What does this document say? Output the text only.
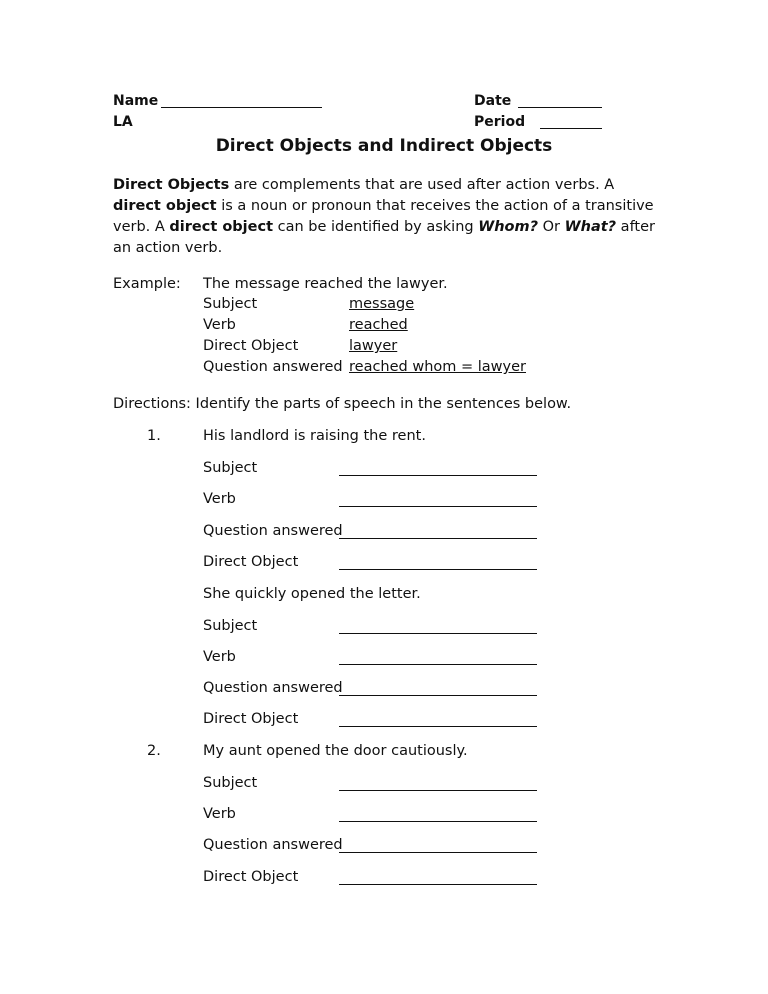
Name
LA
Date
Period
Direct Objects and Indirect Objects
Direct Objects are complements that are used after action verbs. A direct object is a noun or pronoun that receives the action of a transitive verb. A direct object can be identified by asking Whom? Or What? after an action verb.
Example: The message reached the lawyer.
Subject	message
Verb	reached
Direct Object	lawyer
Question answered reached whom = lawyer
Directions: Identify the parts of speech in the sentences below.
1.	His landlord is raising the rent.
Subject
Verb
Question answered
Direct Object
She quickly opened the letter.
Subject
Verb
Question answered
Direct Object
2.	My aunt opened the door cautiously.
Subject
Verb
Question answered
Direct Object
